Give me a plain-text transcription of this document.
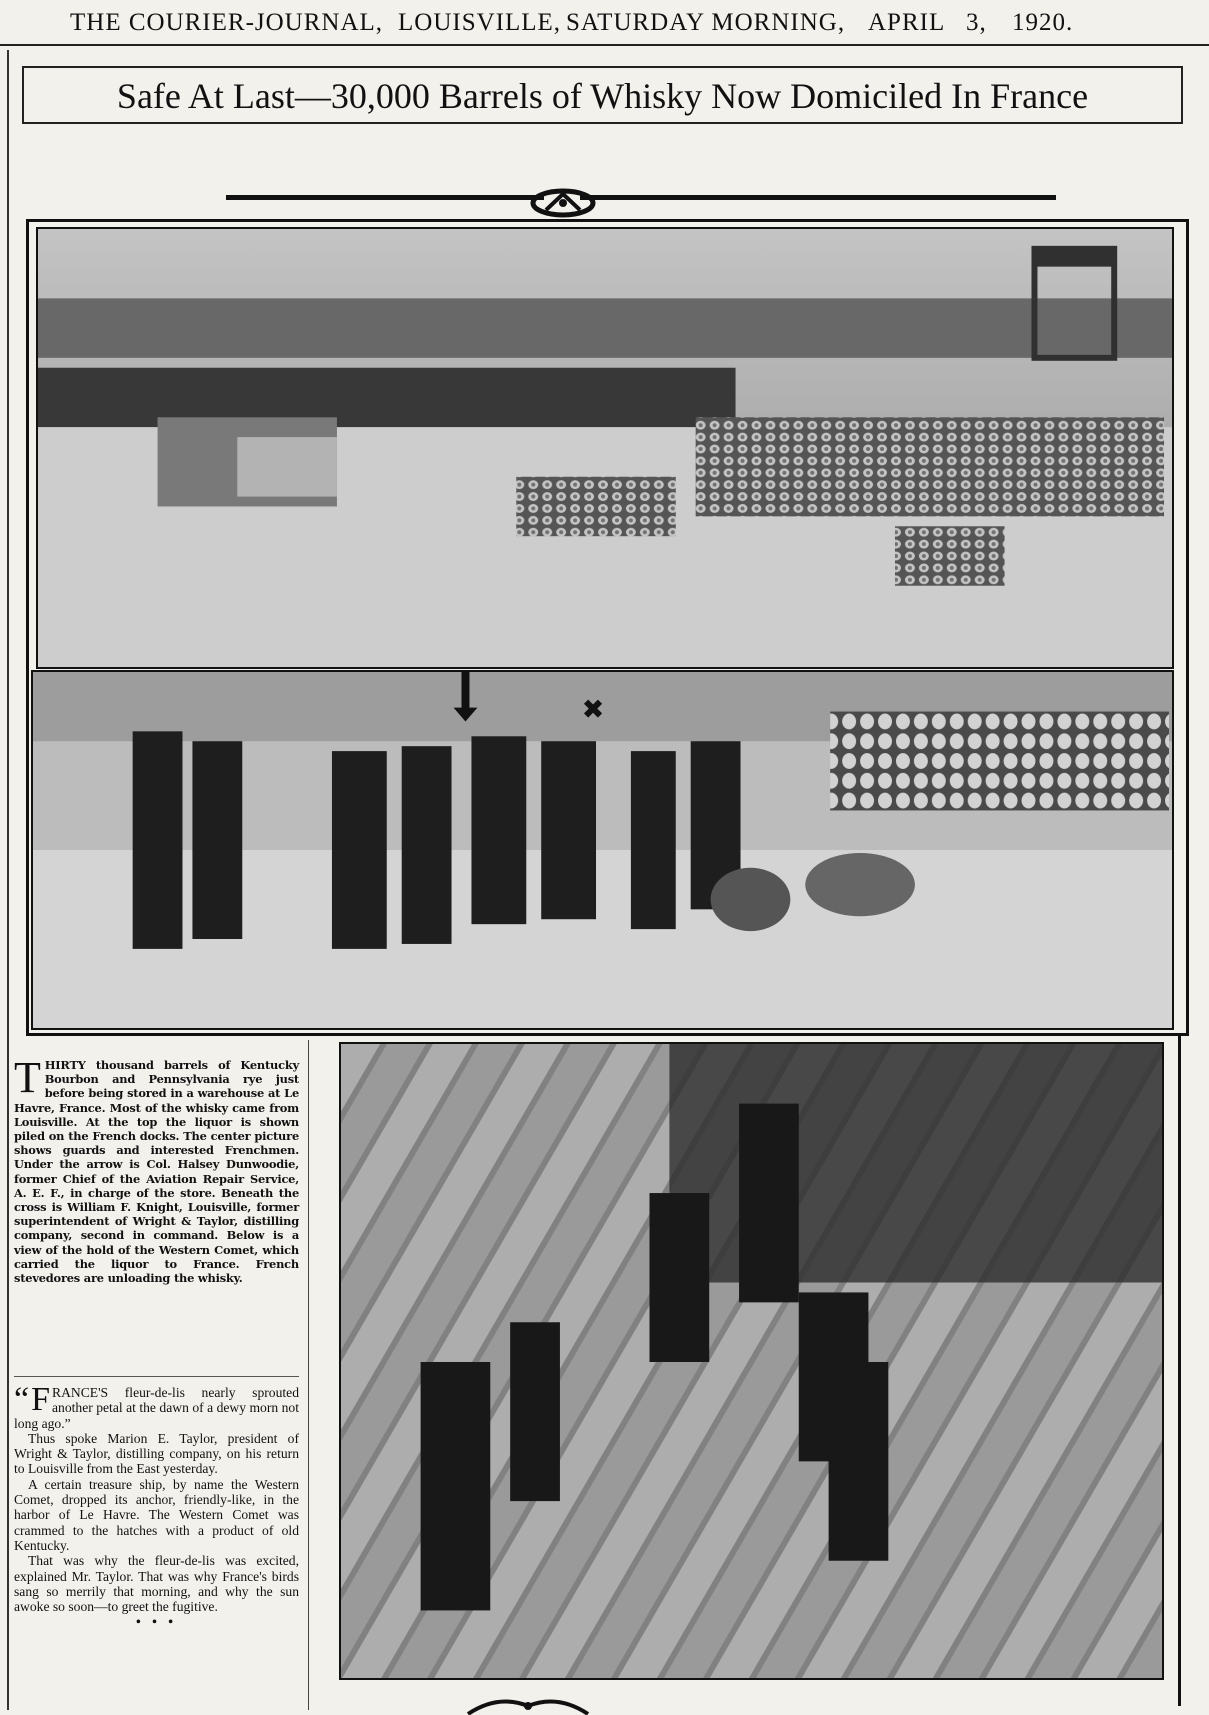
THE COURIER-JOURNAL, LOUISVILLE, SATURDAY MORNING, APRIL 3, 1920.
Safe At Last—30,000 Barrels of Whisky Now Domiciled In France
THIRTY thousand barrels of Kentucky Bourbon and Pennsylvania rye just before being stored in a warehouse at Le Havre, France. Most of the whisky came from Louisville. At the top the liquor is shown piled on the French docks. The center picture shows guards and interested Frenchmen. Under the arrow is Col. Halsey Dunwoodie, former Chief of the Aviation Repair Service, A. E. F., in charge of the store. Beneath the cross is William F. Knight, Louisville, former superintendent of Wright & Taylor, distilling company, second in command. Below is a view of the hold of the Western Comet, which carried the liquor to France. French stevedores are unloading the whisky.

“ F RANCE'S fleur-de-lis nearly sprouted another petal at the dawn of a dewy morn not long ago.”

Thus spoke Marion E. Taylor, president of Wright & Taylor, distilling company, on his return to Louisville from the East yesterday.

A certain treasure ship, by name the Western Comet, dropped its anchor, friendly-like, in the harbor of Le Havre. The Western Comet was crammed to the hatches with a product of old Kentucky.

That was why the fleur-de-lis was excited, explained Mr. Taylor. That was why France's birds sang so merrily that morning, and why the sun awoke so soon—to greet the fugitive.

• • •
